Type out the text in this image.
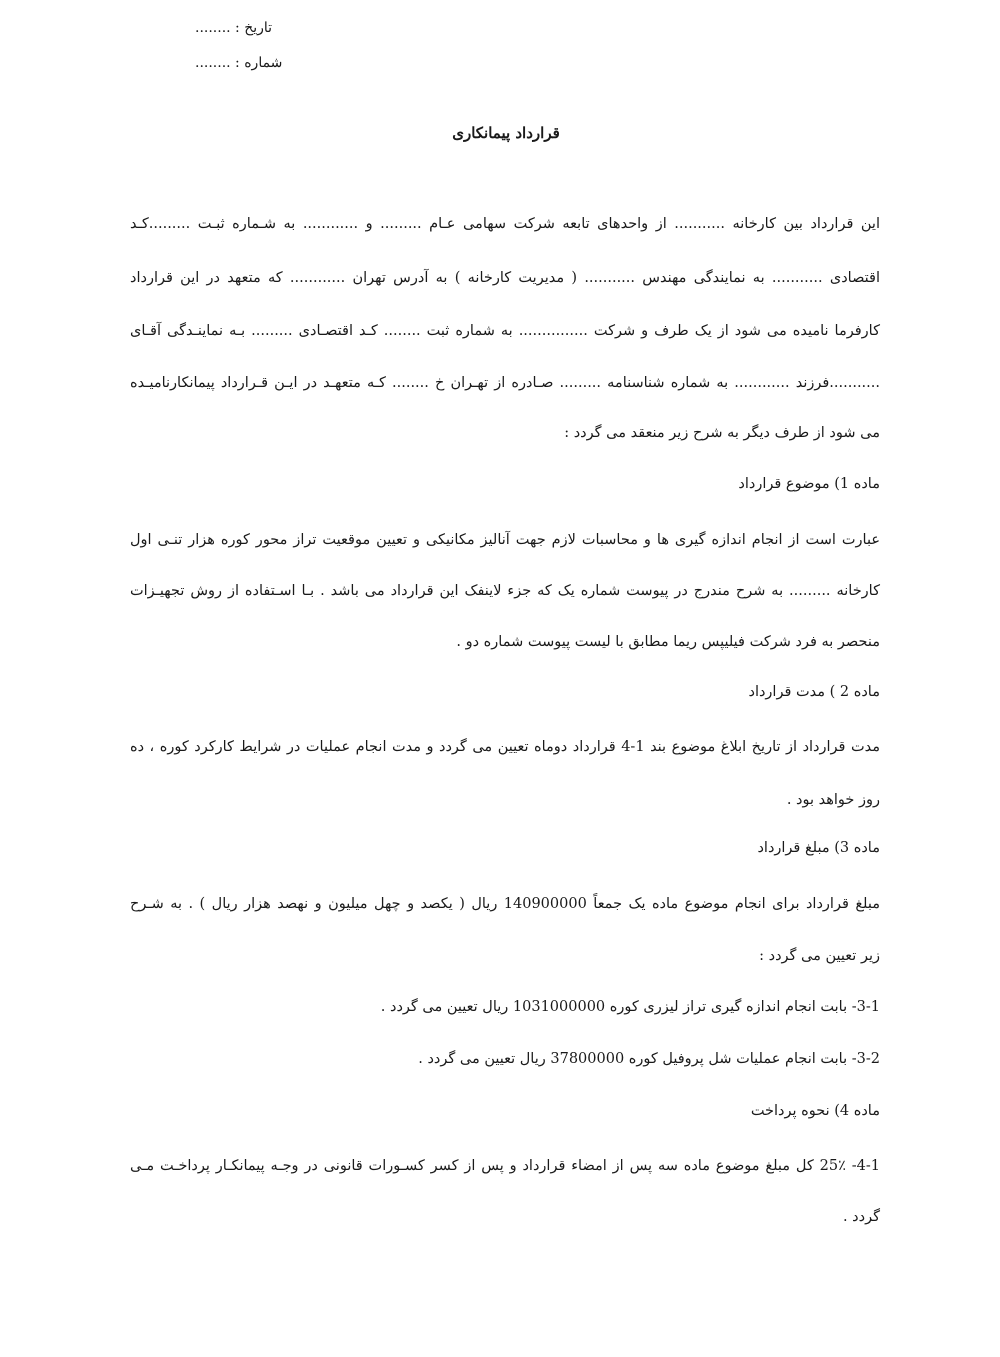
تاریخ : ........
شماره : ........
قرارداد پیمانکاری
این قرارداد بین کارخانه ........... از واحدهای تابعه شرکت سهامی عـام ......... و ............ به شـماره ثبـت .........کـد
اقتصادی ........... به نمایندگی مهندس ........... ( مدیریت کارخانه ) به آدرس تهران ............ که متعهد در این قرارداد
کارفرما نامیده می شود از یک طرف و شرکت ............... به شماره ثبت ........ کـد اقتصـادی ......... بـه نماینـدگی آقـای
...........فرزند ............ به شماره شناسنامه ......... صـادره از تهـران خ ........ کـه متعهـد در ایـن قـرارداد پیمانکارنامیـده
می شود از طرف دیگر به شرح زیر منعقد می گردد :
ماده 1) موضوع قرارداد
عبارت است از انجام اندازه گیری ها و محاسبات لازم جهت آنالیز مکانیکی و تعیین موقعیت تراز محور کوره هزار تنـی اول
کارخانه ......... به شرح مندرج در پیوست شماره یک که جزء لاینفک این قرارداد می باشد . بـا اسـتفاده از روش تجهیـزات
منحصر به فرد شرکت فیلیپس ریما مطابق با لیست پیوست شماره دو .
ماده 2 ) مدت قرارداد
مدت قرارداد از تاریخ ابلاغ موضوع بند 1-4 قرارداد دوماه تعیین می گردد و مدت انجام عملیات در شرایط کارکرد کوره ، ده
روز خواهد بود .
ماده 3) مبلغ قرارداد
مبلغ قرارداد برای انجام موضوع ماده یک جمعاً 140900000 ریال ( یکصد و چهل میلیون و نهصد هزار ریال ) . به شـرح
زیر تعیین می گردد :
3-1- بابت انجام اندازه گیری تراز لیزری کوره 1031000000 ریال تعیین می گردد .
3-2- بابت انجام عملیات شل پروفیل کوره 37800000 ریال تعیین می گردد .
ماده 4) نحوه پرداخت
4-1- 25٪ کل مبلغ موضوع ماده سه پس از امضاء قرارداد و پس از کسر کسـورات قانونی در وجـه پیمانکـار پرداخـت مـی
گردد .
